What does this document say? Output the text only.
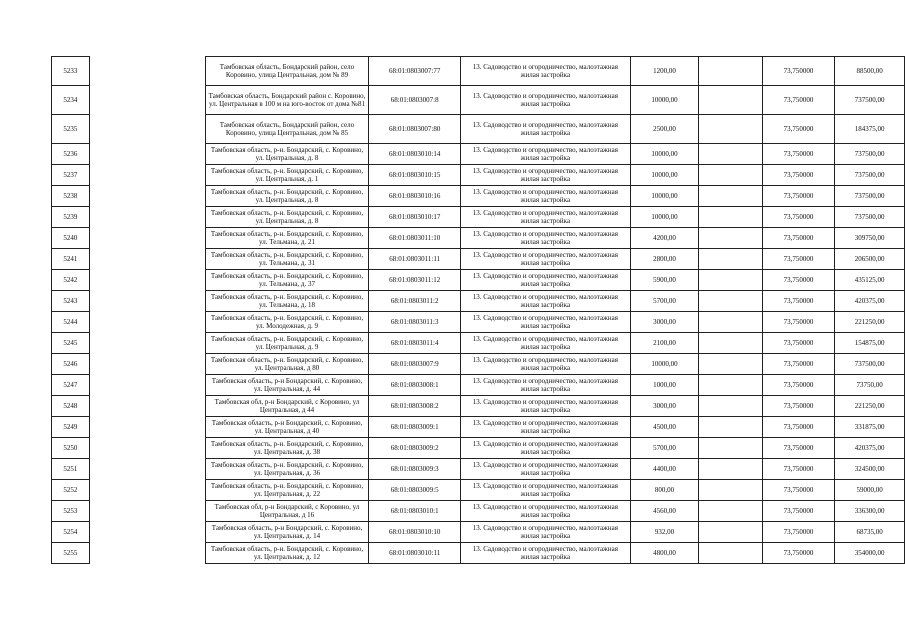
5233		Тамбовская область, Бондарский район, село Коровино, улица Центральная, дом № 89	68:01:0803007:77	13. Садоводство и огородничество, малоэтажная жилая застройка	1200,00		73,750000	88500,00
5234		Тамбовская область, Бондарский район с. Коровино, ул. Центральная в 100 м на юго-восток от дома №81	68:01:0803007:8	13. Садоводство и огородничество, малоэтажная жилая застройка	10000,00		73,750000	737500,00
5235		Тамбовская область, Бондарский район, село Коровино, улица Центральная, дом № 85	68:01:0803007:80	13. Садоводство и огородничество, малоэтажная жилая застройка	2500,00		73,750000	184375,00
5236		Тамбовская область, р-н. Бондарский, с. Коровино, ул. Центральная, д. 8	68:01:0803010:14	13. Садоводство и огородничество, малоэтажная жилая застройка	10000,00		73,750000	737500,00
5237		Тамбовская область, р-н. Бондарский, с. Коровино, ул. Центральная, д. 1	68:01:0803010:15	13. Садоводство и огородничество, малоэтажная жилая застройка	10000,00		73,750000	737500,00
5238		Тамбовская область, р-н. Бондарский, с. Коровино, ул. Центральная, д. 8	68:01:0803010:16	13. Садоводство и огородничество, малоэтажная жилая застройка	10000,00		73,750000	737500,00
5239		Тамбовская область, р-н. Бондарский, с. Коровино, ул. Центральная, д. 8	68:01:0803010:17	13. Садоводство и огородничество, малоэтажная жилая застройка	10000,00		73,750000	737500,00
5240		Тамбовская область, р-н. Бондарский, с. Коровино, ул. Тельмана, д. 21	68:01:0803011:10	13. Садоводство и огородничество, малоэтажная жилая застройка	4200,00		73,750000	309750,00
5241		Тамбовская область, р-н. Бондарский, с. Коровино, ул. Тельмана, д. 31	68:01:0803011:11	13. Садоводство и огородничество, малоэтажная жилая застройка	2800,00		73,750000	206500,00
5242		Тамбовская область, р-н. Бондарский, с. Коровино, ул. Тельмана, д. 37	68:01:0803011:12	13. Садоводство и огородничество, малоэтажная жилая застройка	5900,00		73,750000	435125,00
5243		Тамбовская область, р-н. Бондарский, с. Коровино, ул. Тельмана, д. 18	68:01:0803011:2	13. Садоводство и огородничество, малоэтажная жилая застройка	5700,00		73,750000	420375,00
5244		Тамбовская область, р-н. Бондарский, с. Коровино, ул. Молодежная, д. 9	68:01:0803011:3	13. Садоводство и огородничество, малоэтажная жилая застройка	3000,00		73,750000	221250,00
5245		Тамбовская область, р-н. Бондарский, с. Коровино, ул. Центральная, д. 9	68:01:0803011:4	13. Садоводство и огородничество, малоэтажная жилая застройка	2100,00		73,750000	154875,00
5246		Тамбовская область, р-н. Бондарский, с. Коровино, ул. Центральная, д 80	68:01:0803007:9	13. Садоводство и огородничество, малоэтажная жилая застройка	10000,00		73,750000	737500,00
5247		Тамбовская область, р-н Бондарский, с. Коровино, ул. Центральная, д. 44	68:01:0803008:1	13. Садоводство и огородничество, малоэтажная жилая застройка	1000,00		73,750000	73750,00
5248		Тамбовская обл, р-н Бондарский, с Коровино, ул Центральная, д 44	68:01:0803008:2	13. Садоводство и огородничество, малоэтажная жилая застройка	3000,00		73,750000	221250,00
5249		Тамбовская область, р-н Бондарский, с. Коровино, ул. Центральная, д 40	68:01:0803009:1	13. Садоводство и огородничество, малоэтажная жилая застройка	4500,00		73,750000	331875,00
5250		Тамбовская область, р-н. Бондарский, с. Коровино, ул. Центральная, д. 38	68:01:0803009:2	13. Садоводство и огородничество, малоэтажная жилая застройка	5700,00		73,750000	420375,00
5251		Тамбовская область, р-н. Бондарский, с. Коровино, ул. Центральная, д. 36	68:01:0803009:3	13. Садоводство и огородничество, малоэтажная жилая застройка	4400,00		73,750000	324500,00
5252		Тамбовская область, р-н. Бондарский, с. Коровино, ул. Центральная, д. 22	68:01:0803009:5	13. Садоводство и огородничество, малоэтажная жилая застройка	800,00		73,750000	59000,00
5253		Тамбовская обл, р-н Бондарский, с Коровино, ул Центральная, д 16	68:01:0803010:1	13. Садоводство и огородничество, малоэтажная жилая застройка	4560,00		73,750000	336300,00
5254		Тамбовская область, р-н Бондарский, с. Коровино, ул. Центральная, д. 14	68:01:0803010:10	13. Садоводство и огородничество, малоэтажная жилая застройка	932,00		73,750000	68735,00
5255		Тамбовская область, р-н. Бондарский, с. Коровино, ул. Центральная, д. 12	68:01:0803010:11	13. Садоводство и огородничество, малоэтажная жилая застройка	4800,00		73,750000	354000,00
